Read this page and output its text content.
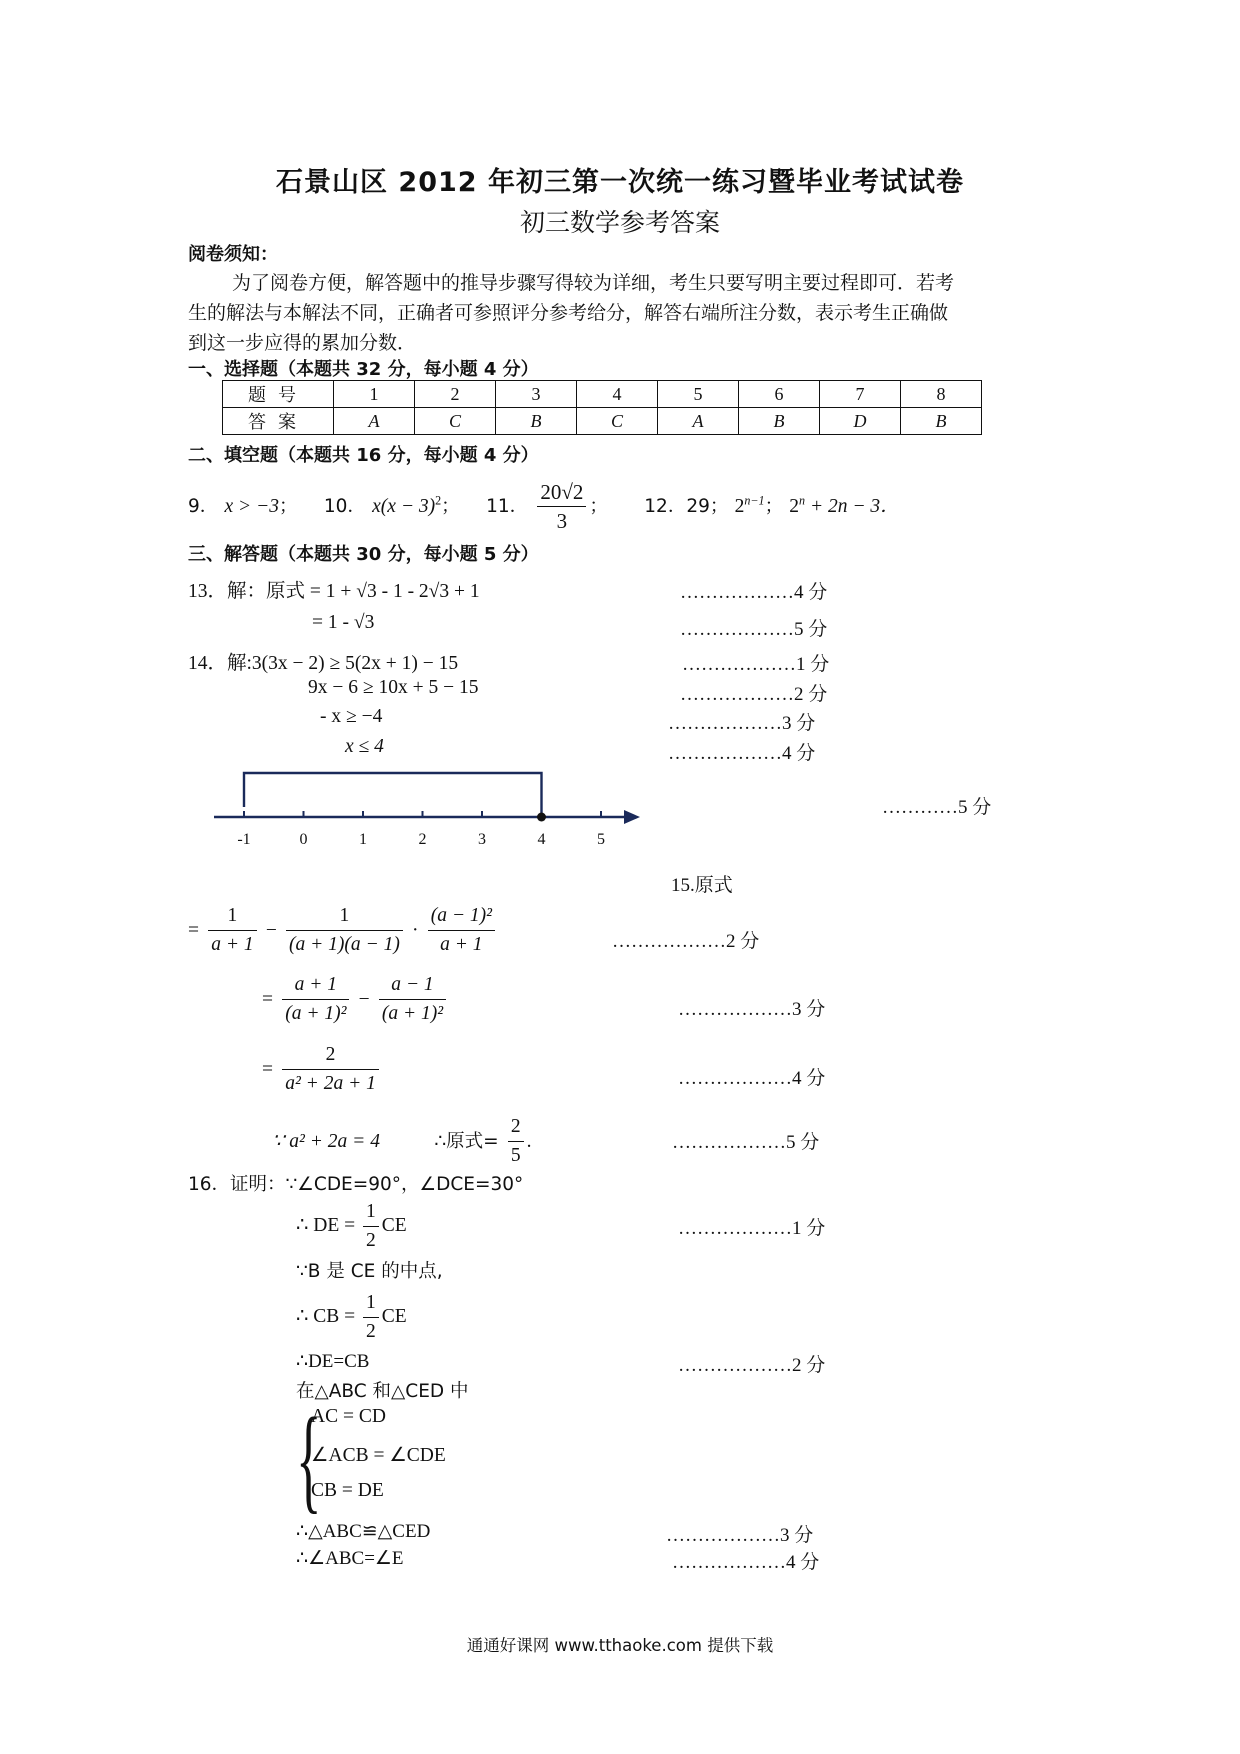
石景山区 2012 年初三第一次统一练习暨毕业考试试卷
初三数学参考答案
阅卷须知：
为了阅卷方便，解答题中的推导步骤写得较为详细，考生只要写明主要过程即可．若考
生的解法与本解法不同，正确者可参照评分参考给分，解答右端所注分数，表示考生正确做
到这一步应得的累加分数．
一、选择题（本题共 32 分，每小题 4 分）
题号	1	2	3	4	5	6	7	8
答案	A	C	B	C	A	B	D	B
二、填空题（本题共 16 分，每小题 4 分）
9． x > −3； 10． $x(x - 3)^2$； 11． $\frac{20√2}{3}$ ； 12．29； $2^{n-1}$； $2^n + 2n - 3$．
三、解答题（本题共 30 分，每小题 5 分）
13．解：原式 = 1 + √3 - 1 - 2√3 + 1	………………4 分
= 1 - √3	………………5 分
14．解:3(3x − 2) ≥ 5(2x + 1) − 15	………………1 分
9x − 6 ≥ 10x + 5 − 15	………………2 分
- x ≥ −4	………………3 分
x ≤ 4	………………4 分
-1	0	1	2	3	4	5
…………5 分
15.原式
= $\frac{1}{a + 1} - \frac{1}{(a + 1)(a - 1)} \cdot \frac{\text{(a − 1)²}}{a + 1}$	………………2 分
= $\frac{a + 1}{\text{(a + 1)²}} - \frac{a - 1}{\text{(a + 1)²}}$	………………3 分
= $\frac{2}{\text{a² + 2a + 1}}$	………………4 分
∵ a² + 2a = 4	∴原式= $\frac{2}{5}$ .	………………5 分
16．证明：∵∠CDE=90°，∠DCE=30°
∴ DE = $\frac{1}{2}$ CE	………………1 分
∵B 是 CE 的中点,
∴ CB = $\frac{1}{2}$ CE
∴DE=CB	………………2 分
在△ABC 和△CED 中
{
AC = CD
∠ACB = ∠CDE
CB = DE
∴△ABC≌△CED	………………3 分
∴∠ABC=∠E	………………4 分
通通好课网 www.tthaoke.com 提供下载
